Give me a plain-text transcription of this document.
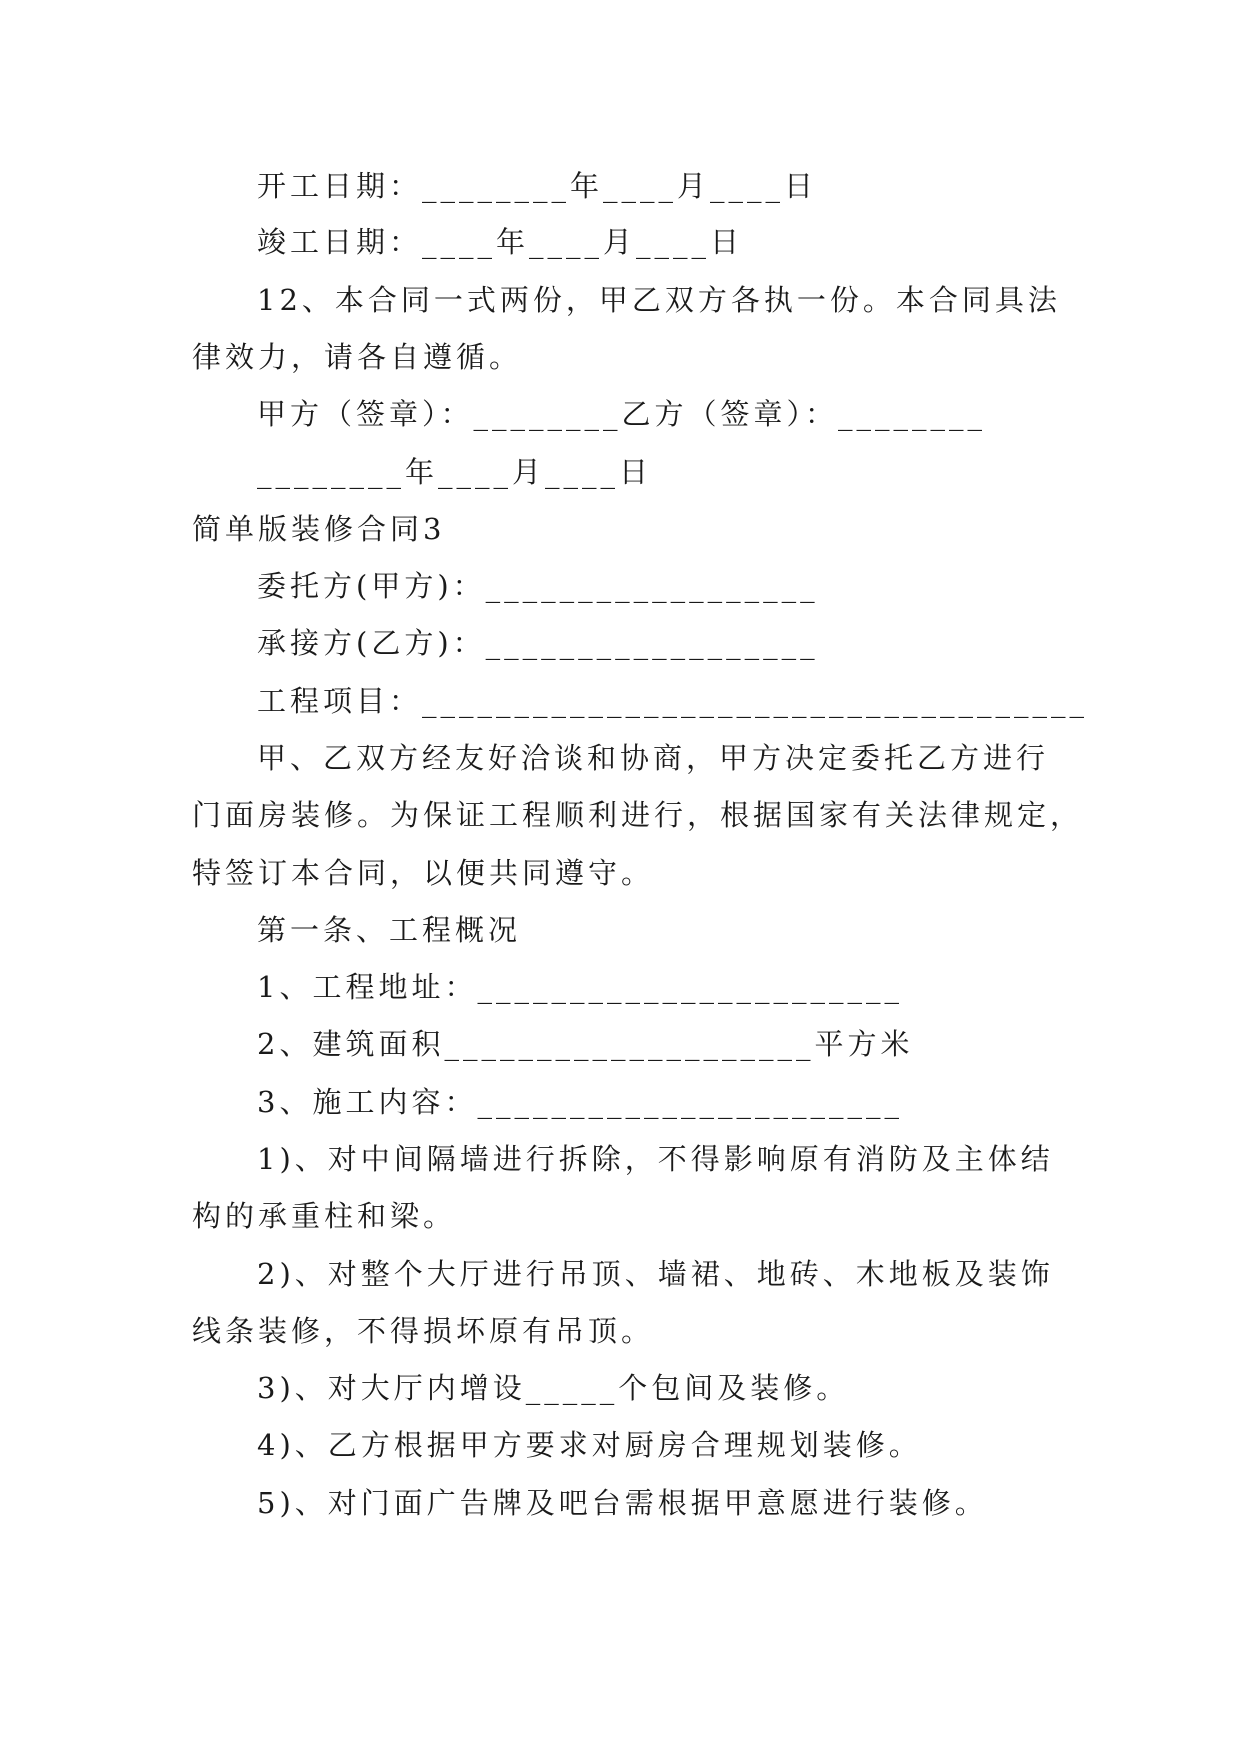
开工日期：________年____月____日
竣工日期：____年____月____日
12、本合同一式两份，甲乙双方各执一份。本合同具法
律效力，请各自遵循。
甲方（签章）：________乙方（签章）：________
________年____月____日
简单版装修合同3
委托方(甲方)：__________________
承接方(乙方)：__________________
工程项目：____________________________________
甲、乙双方经友好洽谈和协商，甲方决定委托乙方进行
门面房装修。为保证工程顺利进行，根据国家有关法律规定，
特签订本合同，以便共同遵守。
第一条、工程概况
1、工程地址：_______________________
2、建筑面积____________________平方米
3、施工内容：_______________________
1)、对中间隔墙进行拆除，不得影响原有消防及主体结
构的承重柱和梁。
2)、对整个大厅进行吊顶、墙裙、地砖、木地板及装饰
线条装修，不得损坏原有吊顶。
3)、对大厅内增设_____个包间及装修。
4)、乙方根据甲方要求对厨房合理规划装修。
5)、对门面广告牌及吧台需根据甲意愿进行装修。
